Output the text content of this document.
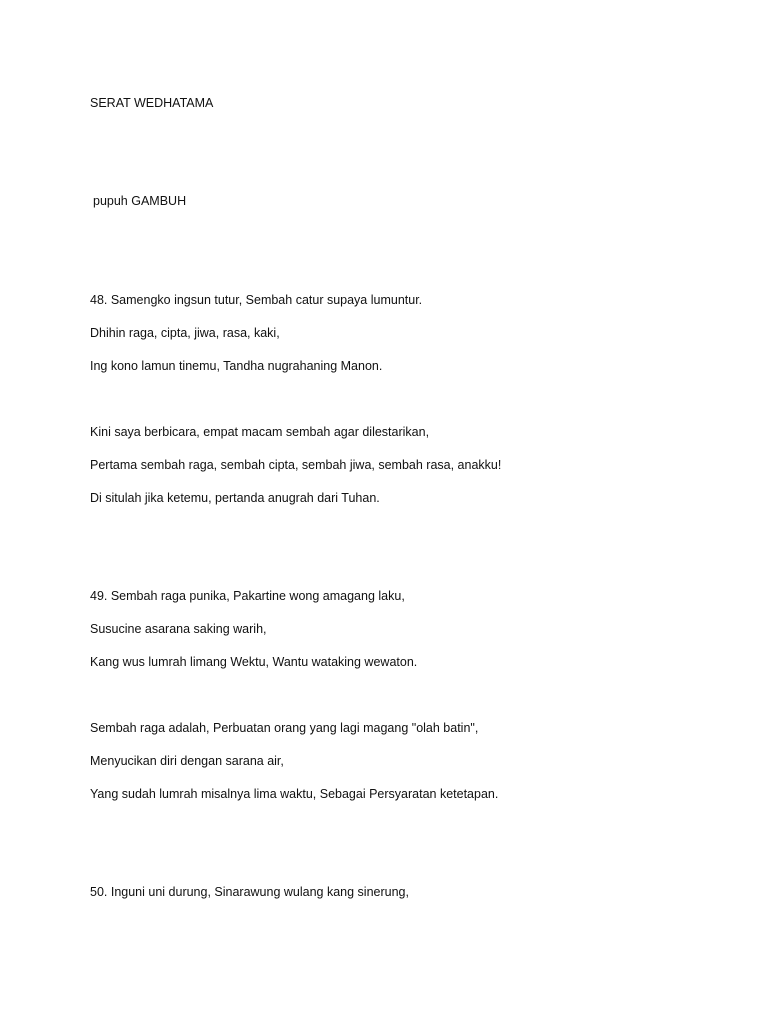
SERAT WEDHATAMA
pupuh GAMBUH
48. Samengko ingsun tutur, Sembah catur supaya lumuntur.
Dhihin raga, cipta, jiwa, rasa, kaki,
Ing kono lamun tinemu, Tandha nugrahaning Manon.
Kini saya berbicara, empat macam sembah agar dilestarikan,
Pertama sembah raga, sembah cipta, sembah jiwa, sembah rasa, anakku!
Di situlah jika ketemu, pertanda anugrah dari Tuhan.
49. Sembah raga punika, Pakartine wong amagang laku,
Susucine asarana saking warih,
Kang wus lumrah limang Wektu, Wantu wataking wewaton.
Sembah raga adalah, Perbuatan orang yang lagi magang "olah batin",
Menyucikan diri dengan sarana air,
Yang sudah lumrah misalnya lima waktu, Sebagai Persyaratan ketetapan.
50. Inguni uni durung, Sinarawung wulang kang sinerung,
